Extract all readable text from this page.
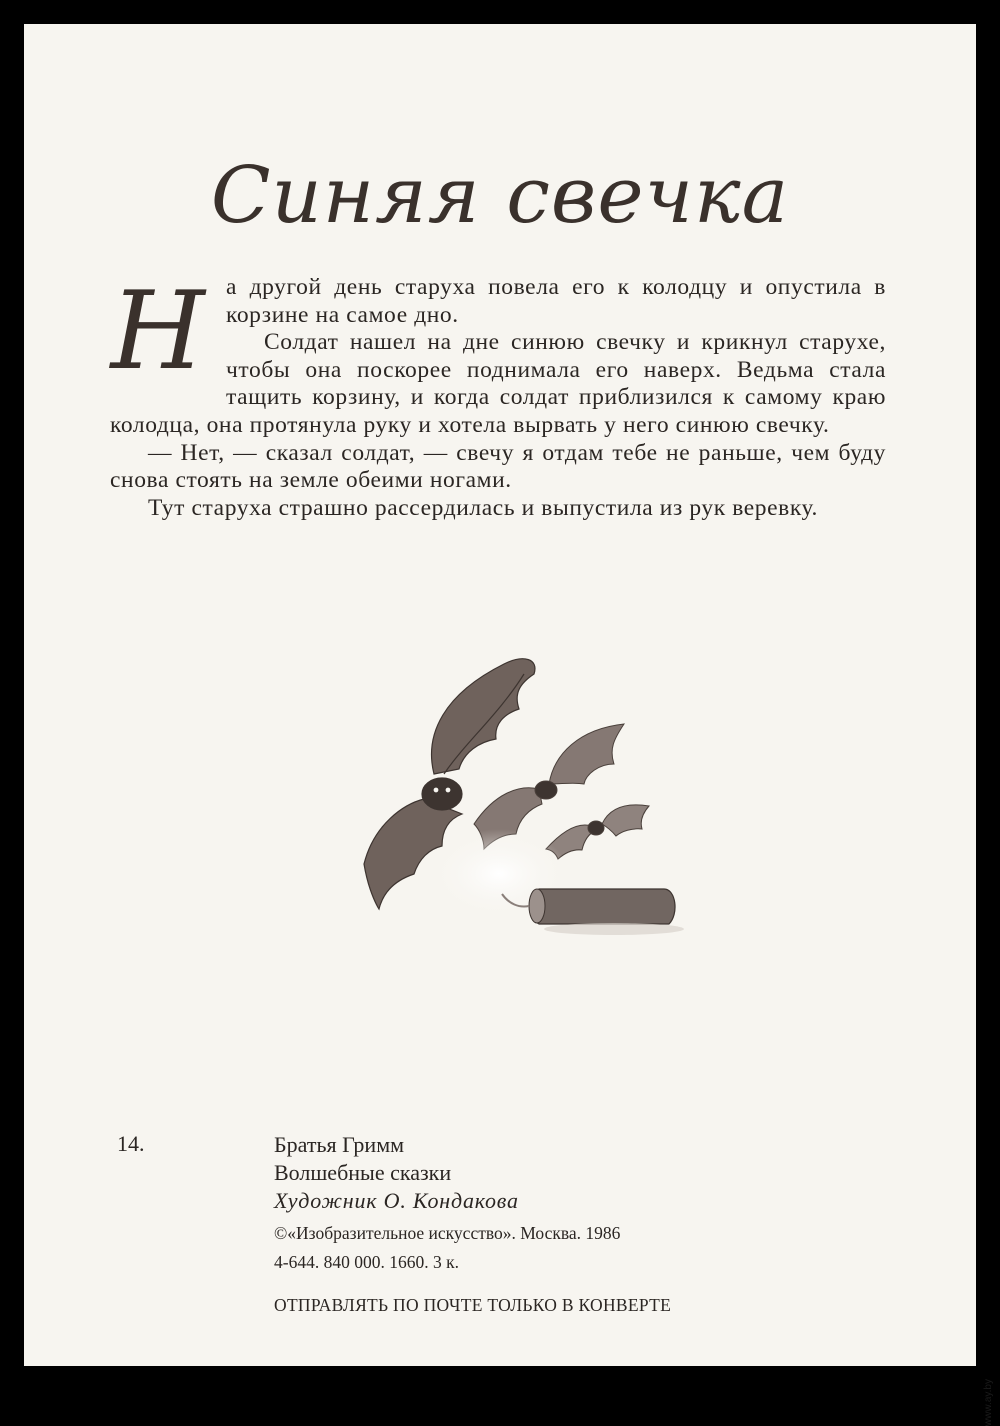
Синяя свечка
Н а другой день старуха повела его к колодцу и опустила в корзине на самое дно.

Солдат нашел на дне синюю свечку и крикнул старухе, чтобы она поскорее поднимала его наверх. Ведьма стала тащить корзину, и когда солдат приблизился к самому краю колодца, она протянула руку и хотела вырвать у него синюю свечку.

— Нет, — сказал солдат, — свечу я отдам тебе не раньше, чем буду снова стоять на земле обеими ногами.

Тут старуха страшно рассердилась и выпустила из рук веревку.

14.	Братья Гримм
Волшебные сказки
Художник О. Кондакова
©«Изобразительное искусство». Москва. 1986
4-644. 840 000. 1660. 3 к.
ОТПРАВЛЯТЬ ПО ПОЧТЕ ТОЛЬКО В КОНВЕРТЕ
www.ay.by
